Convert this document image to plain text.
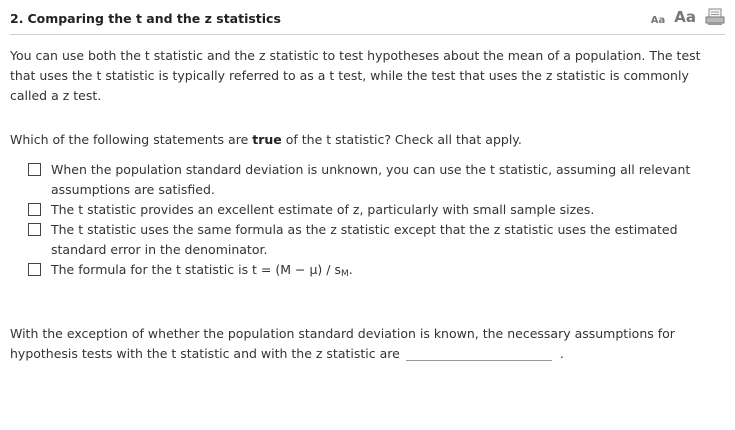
2. Comparing the t and the z statistics	Aa Aa
You can use both the t statistic and the z statistic to test hypotheses about the mean of a population. The test that uses the t statistic is typically referred to as a t test, while the test that uses the z statistic is commonly called a z test.
Which of the following statements are true of the t statistic? Check all that apply.
When the population standard deviation is unknown, you can use the t statistic, assuming all relevant assumptions are satisfied.
The t statistic provides an excellent estimate of z, particularly with small sample sizes.
The t statistic uses the same formula as the z statistic except that the z statistic uses the estimated standard error in the denominator.
The formula for the t statistic is t = (M − μ) / sM.
With the exception of whether the population standard deviation is known, the necessary assumptions for hypothesis tests with the t statistic and with the z statistic are	.
